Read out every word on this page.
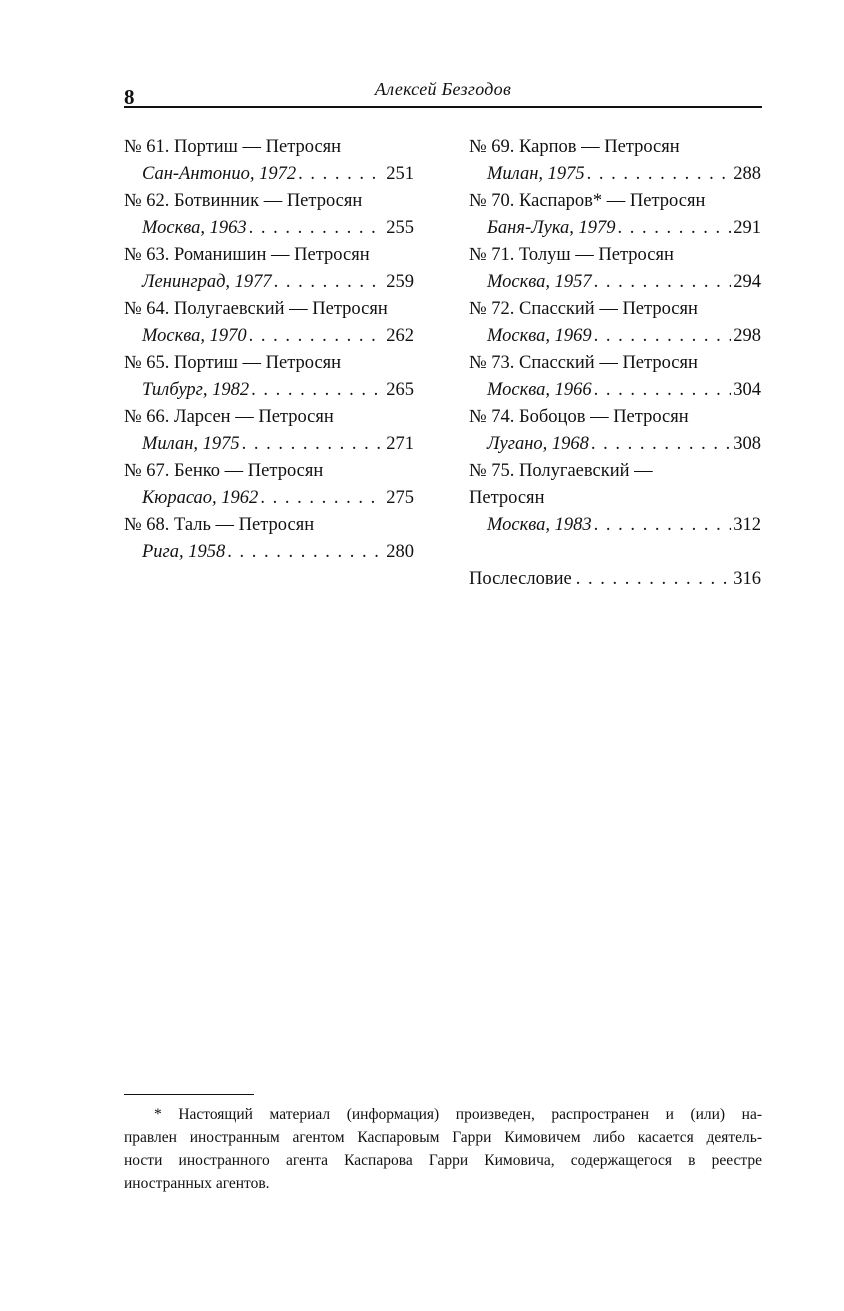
8	Алексей Безгодов
№ 61. Портиш — Петросян
Сан-Антонио, 1972 . . .	251
№ 62. Ботвинник — Петросян
Москва, 1963 . . .	255
№ 63. Романишин — Петросян
Ленинград, 1977 . . .	259
№ 64. Полугаевский — Петросян
Москва, 1970 . . .	262
№ 65. Портиш — Петросян
Тилбург, 1982 . . .	265
№ 66. Ларсен — Петросян
Милан, 1975 . . .	271
№ 67. Бенко — Петросян
Кюрасао, 1962 . . .	275
№ 68. Таль — Петросян
Рига, 1958 . . .	280
№ 69. Карпов — Петросян
Милан, 1975 . . .	288
№ 70. Каспаров* — Петросян
Баня-Лука, 1979 . . .	291
№ 71. Толуш — Петросян
Москва, 1957 . . .	294
№ 72. Спасский — Петросян
Москва, 1969 . . .	298
№ 73. Спасский — Петросян
Москва, 1966 . . .	304
№ 74. Бобоцов — Петросян
Лугано, 1968 . . .	308
№ 75. Полугаевский — Петросян
Москва, 1983 . . .	312
Послесловие . . .	316
* Настоящий материал (информация) произведен, распространен и (или) на-
правлен иностранным агентом Каспаровым Гарри Кимовичем либо касается деятель-
ности иностранного агента Каспарова Гарри Кимовича, содержащегося в реестре
иностранных агентов.
